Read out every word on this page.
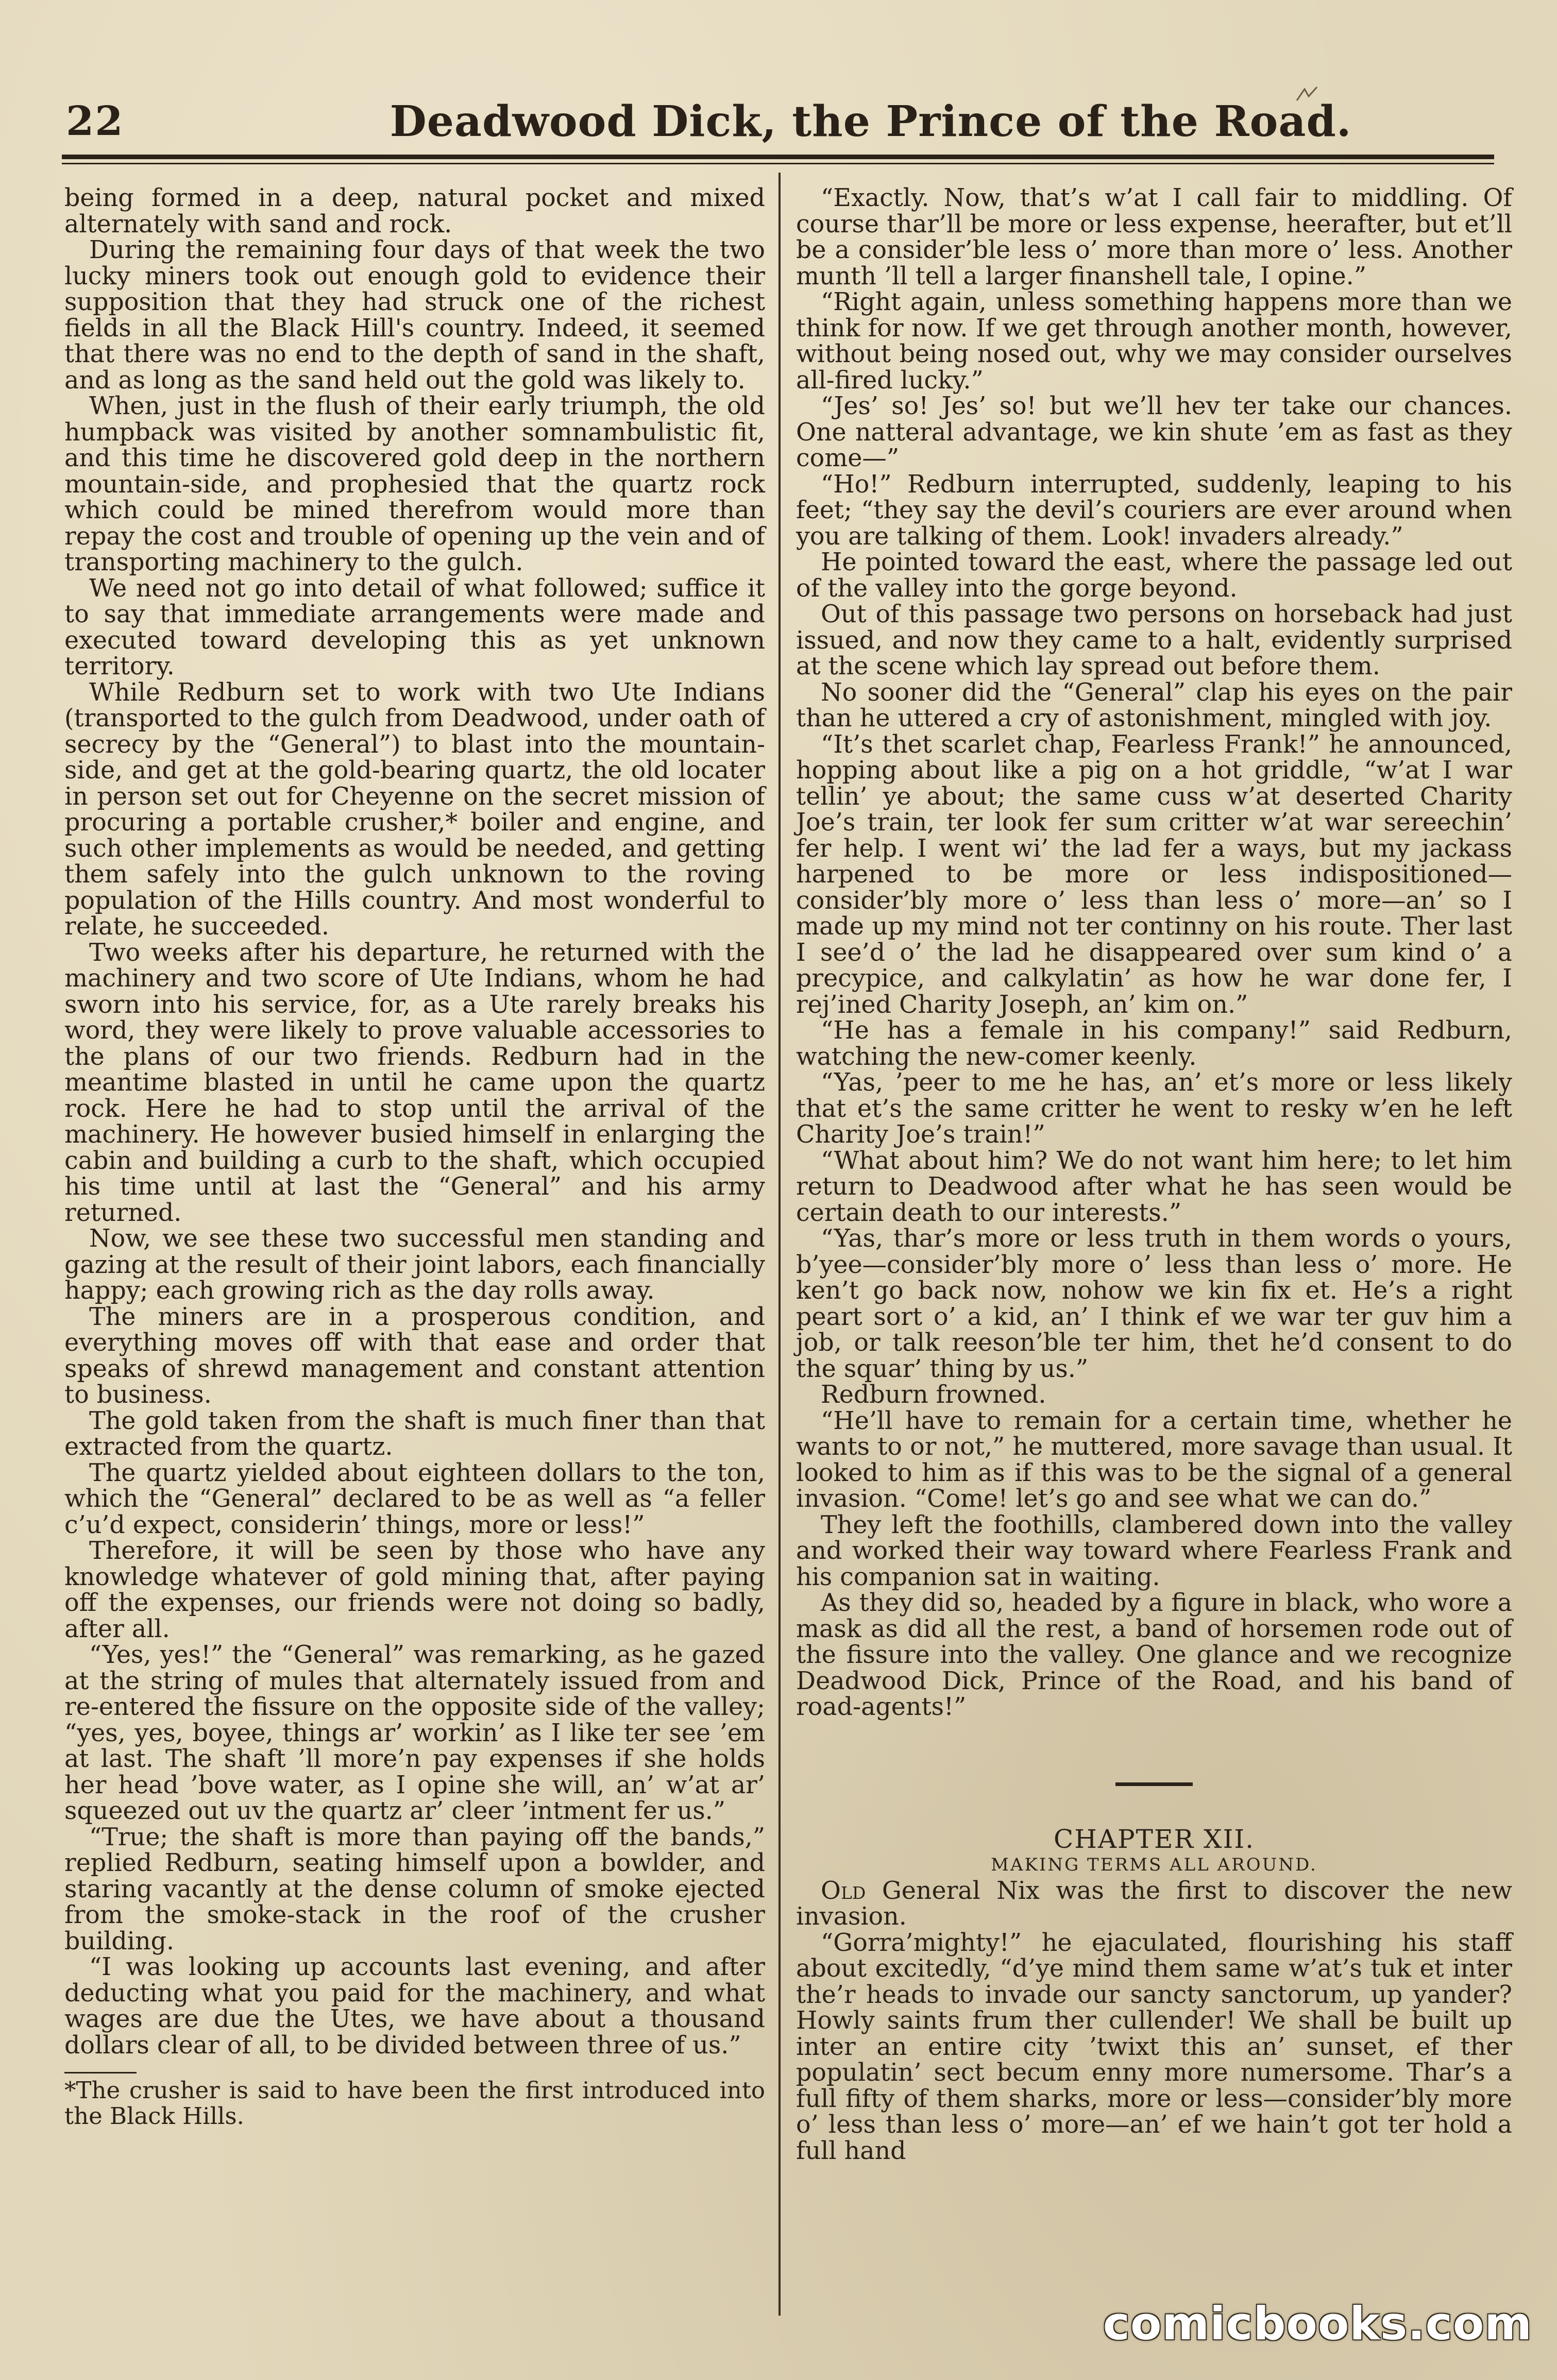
22	Deadwood Dick, the Prince of the Road.

being formed in a deep, natural pocket and mixed alternately with sand and rock.

During the remaining four days of that week the two lucky miners took out enough gold to evidence their supposition that they had struck one of the richest fields in all the Black Hill's country. Indeed, it seemed that there was no end to the depth of sand in the shaft, and as long as the sand held out the gold was likely to.

When, just in the flush of their early triumph, the old humpback was visited by another somnambulistic fit, and this time he discovered gold deep in the northern mountain-side, and prophesied that the quartz rock which could be mined therefrom would more than repay the cost and trouble of opening up the vein and of transporting machinery to the gulch.

We need not go into detail of what followed; suffice it to say that immediate arrangements were made and executed toward developing this as yet unknown territory.

While Redburn set to work with two Ute Indians (transported to the gulch from Deadwood, under oath of secrecy by the “General”) to blast into the mountain-side, and get at the gold-bearing quartz, the old locater in person set out for Cheyenne on the secret mission of procuring a portable crusher,* boiler and engine, and such other implements as would be needed, and getting them safely into the gulch unknown to the roving population of the Hills country. And most wonderful to relate, he succeeded.

Two weeks after his departure, he returned with the machinery and two score of Ute Indians, whom he had sworn into his service, for, as a Ute rarely breaks his word, they were likely to prove valuable accessories to the plans of our two friends. Redburn had in the meantime blasted in until he came upon the quartz rock. Here he had to stop until the arrival of the machinery. He however busied himself in enlarging the cabin and building a curb to the shaft, which occupied his time until at last the “General” and his army returned.

Now, we see these two successful men standing and gazing at the result of their joint labors, each financially happy; each growing rich as the day rolls away.

The miners are in a prosperous condition, and everything moves off with that ease and order that speaks of shrewd management and constant attention to business.

The gold taken from the shaft is much finer than that extracted from the quartz.

The quartz yielded about eighteen dollars to the ton, which the “General” declared to be as well as “a feller c’u’d expect, considerin’ things, more or less!”

Therefore, it will be seen by those who have any knowledge whatever of gold mining that, after paying off the expenses, our friends were not doing so badly, after all.

“Yes, yes!” the “General” was remarking, as he gazed at the string of mules that alternately issued from and re-entered the fissure on the opposite side of the valley; “yes, yes, boyee, things ar’ workin’ as I like ter see ’em at last. The shaft ’ll more’n pay expenses if she holds her head ’bove water, as I opine she will, an’ w’at ar’ squeezed out uv the quartz ar’ cleer ’intment fer us.”

“True; the shaft is more than paying off the bands,” replied Redburn, seating himself upon a bowlder, and staring vacantly at the dense column of smoke ejected from the smoke-stack in the roof of the crusher building.

“I was looking up accounts last evening, and after deducting what you paid for the machinery, and what wages are due the Utes, we have about a thousand dollars clear of all, to be divided between three of us.”

*The crusher is said to have been the first introduced into the Black Hills.

“Exactly. Now, that’s w’at I call fair to middling. Of course thar’ll be more or less expense, heerafter, but et’ll be a consider’ble less o’ more than more o’ less. Another munth ’ll tell a larger finanshell tale, I opine.”

“Right again, unless something happens more than we think for now. If we get through another month, however, without being nosed out, why we may consider ourselves all-fired lucky.”

“Jes’ so! Jes’ so! but we’ll hev ter take our chances. One natteral advantage, we kin shute ’em as fast as they come—”

“Ho!” Redburn interrupted, suddenly, leaping to his feet; “they say the devil’s couriers are ever around when you are talking of them. Look! invaders already.”

He pointed toward the east, where the passage led out of the valley into the gorge beyond.

Out of this passage two persons on horseback had just issued, and now they came to a halt, evidently surprised at the scene which lay spread out before them.

No sooner did the “General” clap his eyes on the pair than he uttered a cry of astonishment, mingled with joy.

“It’s thet scarlet chap, Fearless Frank!” he announced, hopping about like a pig on a hot griddle, “w’at I war tellin’ ye about; the same cuss w’at deserted Charity Joe’s train, ter look fer sum critter w’at war sereechin’ fer help. I went wi’ the lad fer a ways, but my jackass harpened to be more or less indispositioned—consider’bly more o’ less than less o’ more—an’ so I made up my mind not ter continny on his route. Ther last I see’d o’ the lad he disappeared over sum kind o’ a precypice, and calkylatin’ as how he war done fer, I rej’ined Charity Joseph, an’ kim on.”

“He has a female in his company!” said Redburn, watching the new-comer keenly.

“Yas, ’peer to me he has, an’ et’s more or less likely that et’s the same critter he went to resky w’en he left Charity Joe’s train!”

“What about him? We do not want him here; to let him return to Deadwood after what he has seen would be certain death to our interests.”

“Yas, thar’s more or less truth in them words o yours, b’yee—consider’bly more o’ less than less o’ more. He ken’t go back now, nohow we kin fix et. He’s a right peart sort o’ a kid, an’ I think ef we war ter guv him a job, or talk reeson’ble ter him, thet he’d consent to do the squar’ thing by us.”

Redburn frowned.

“He’ll have to remain for a certain time, whether he wants to or not,” he muttered, more savage than usual. It looked to him as if this was to be the signal of a general invasion. “Come! let’s go and see what we can do.”

They left the foothills, clambered down into the valley and worked their way toward where Fearless Frank and his companion sat in waiting.

As they did so, headed by a figure in black, who wore a mask as did all the rest, a band of horsemen rode out of the fissure into the valley. One glance and we recognize Deadwood Dick, Prince of the Road, and his band of road-agents!”

CHAPTER XII.

MAKING TERMS ALL AROUND.

Old General Nix was the first to discover the new invasion.

“Gorra’mighty!” he ejaculated, flourishing his staff about excitedly, “d’ye mind them same w’at’s tuk et inter the’r heads to invade our sancty sanctorum, up yander? Howly saints frum ther cullender! We shall be built up inter an entire city ’twixt this an’ sunset, ef ther populatin’ sect becum enny more numersome. Thar’s a full fifty of them sharks, more or less—consider’bly more o’ less than less o’ more—an’ ef we hain’t got ter hold a full hand

comicbooks.com
